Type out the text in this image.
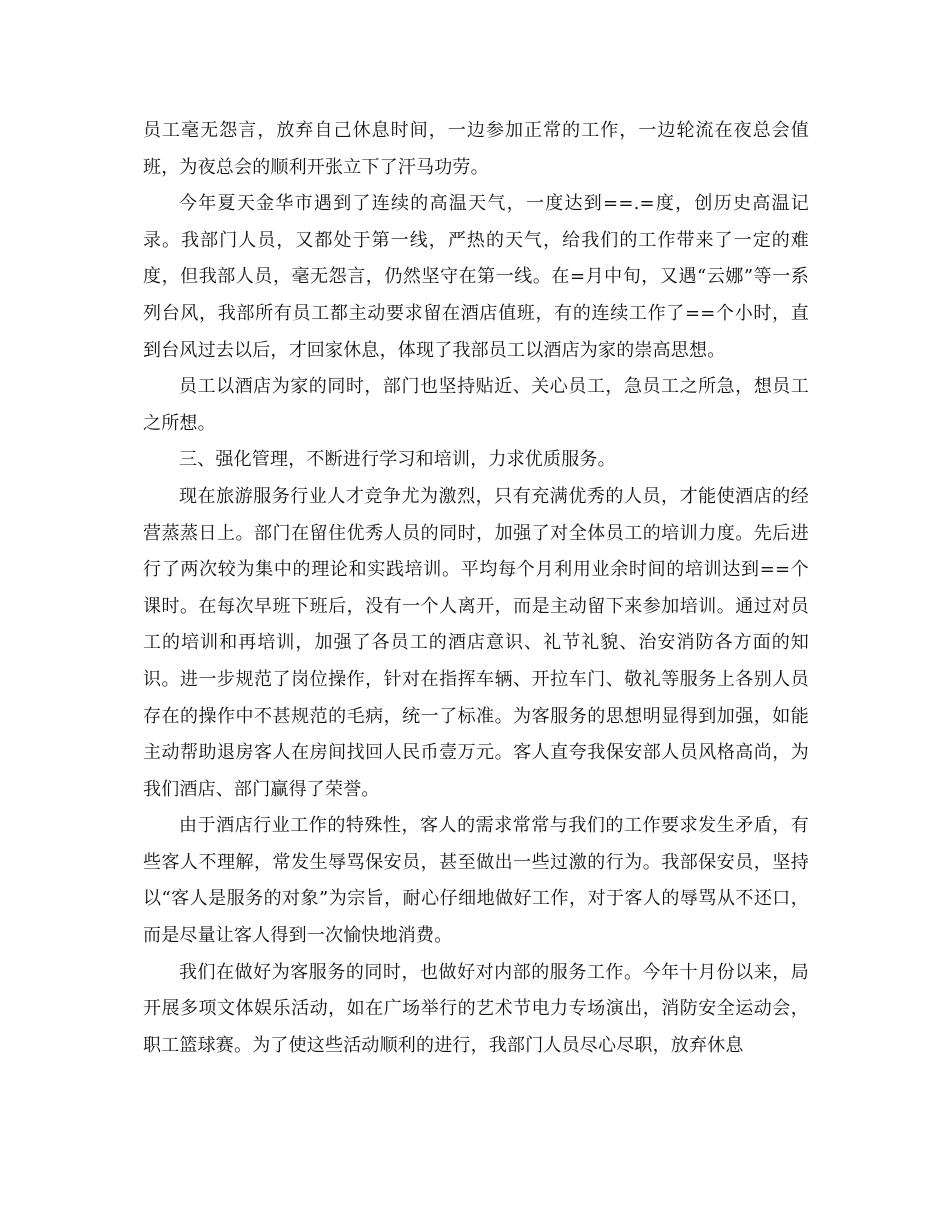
员工毫无怨言，放弃自己休息时间，一边参加正常的工作，一边轮流在夜总会值班，为夜总会的顺利开张立下了汗马功劳。

今年夏天金华市遇到了连续的高温天气，一度达到==.=度，创历史高温记录。我部门人员，又都处于第一线，严热的天气，给我们的工作带来了一定的难度，但我部人员，毫无怨言，仍然坚守在第一线。在=月中旬，又遇“云娜”等一系列台风，我部所有员工都主动要求留在酒店值班，有的连续工作了==个小时，直到台风过去以后，才回家休息，体现了我部员工以酒店为家的崇高思想。

员工以酒店为家的同时，部门也坚持贴近、关心员工，急员工之所急，想员工之所想。

三、强化管理，不断进行学习和培训，力求优质服务。

现在旅游服务行业人才竞争尤为激烈，只有充满优秀的人员，才能使酒店的经营蒸蒸日上。部门在留住优秀人员的同时，加强了对全体员工的培训力度。先后进行了两次较为集中的理论和实践培训。平均每个月利用业余时间的培训达到==个课时。在每次早班下班后，没有一个人离开，而是主动留下来参加培训。通过对员工的培训和再培训，加强了各员工的酒店意识、礼节礼貌、治安消防各方面的知识。进一步规范了岗位操作，针对在指挥车辆、开拉车门、敬礼等服务上各别人员存在的操作中不甚规范的毛病，统一了标准。为客服务的思想明显得到加强，如能主动帮助退房客人在房间找回人民币壹万元。客人直夸我保安部人员风格高尚，为我们酒店、部门赢得了荣誉。

由于酒店行业工作的特殊性，客人的需求常常与我们的工作要求发生矛盾，有些客人不理解，常发生辱骂保安员，甚至做出一些过激的行为。我部保安员，坚持以“客人是服务的对象”为宗旨，耐心仔细地做好工作，对于客人的辱骂从不还口，而是尽量让客人得到一次愉快地消费。

我们在做好为客服务的同时，也做好对内部的服务工作。今年十月份以来，局开展多项文体娱乐活动，如在广场举行的艺术节电力专场演出，消防安全运动会，职工篮球赛。为了使这些活动顺利的进行，我部门人员尽心尽职，放弃休息
